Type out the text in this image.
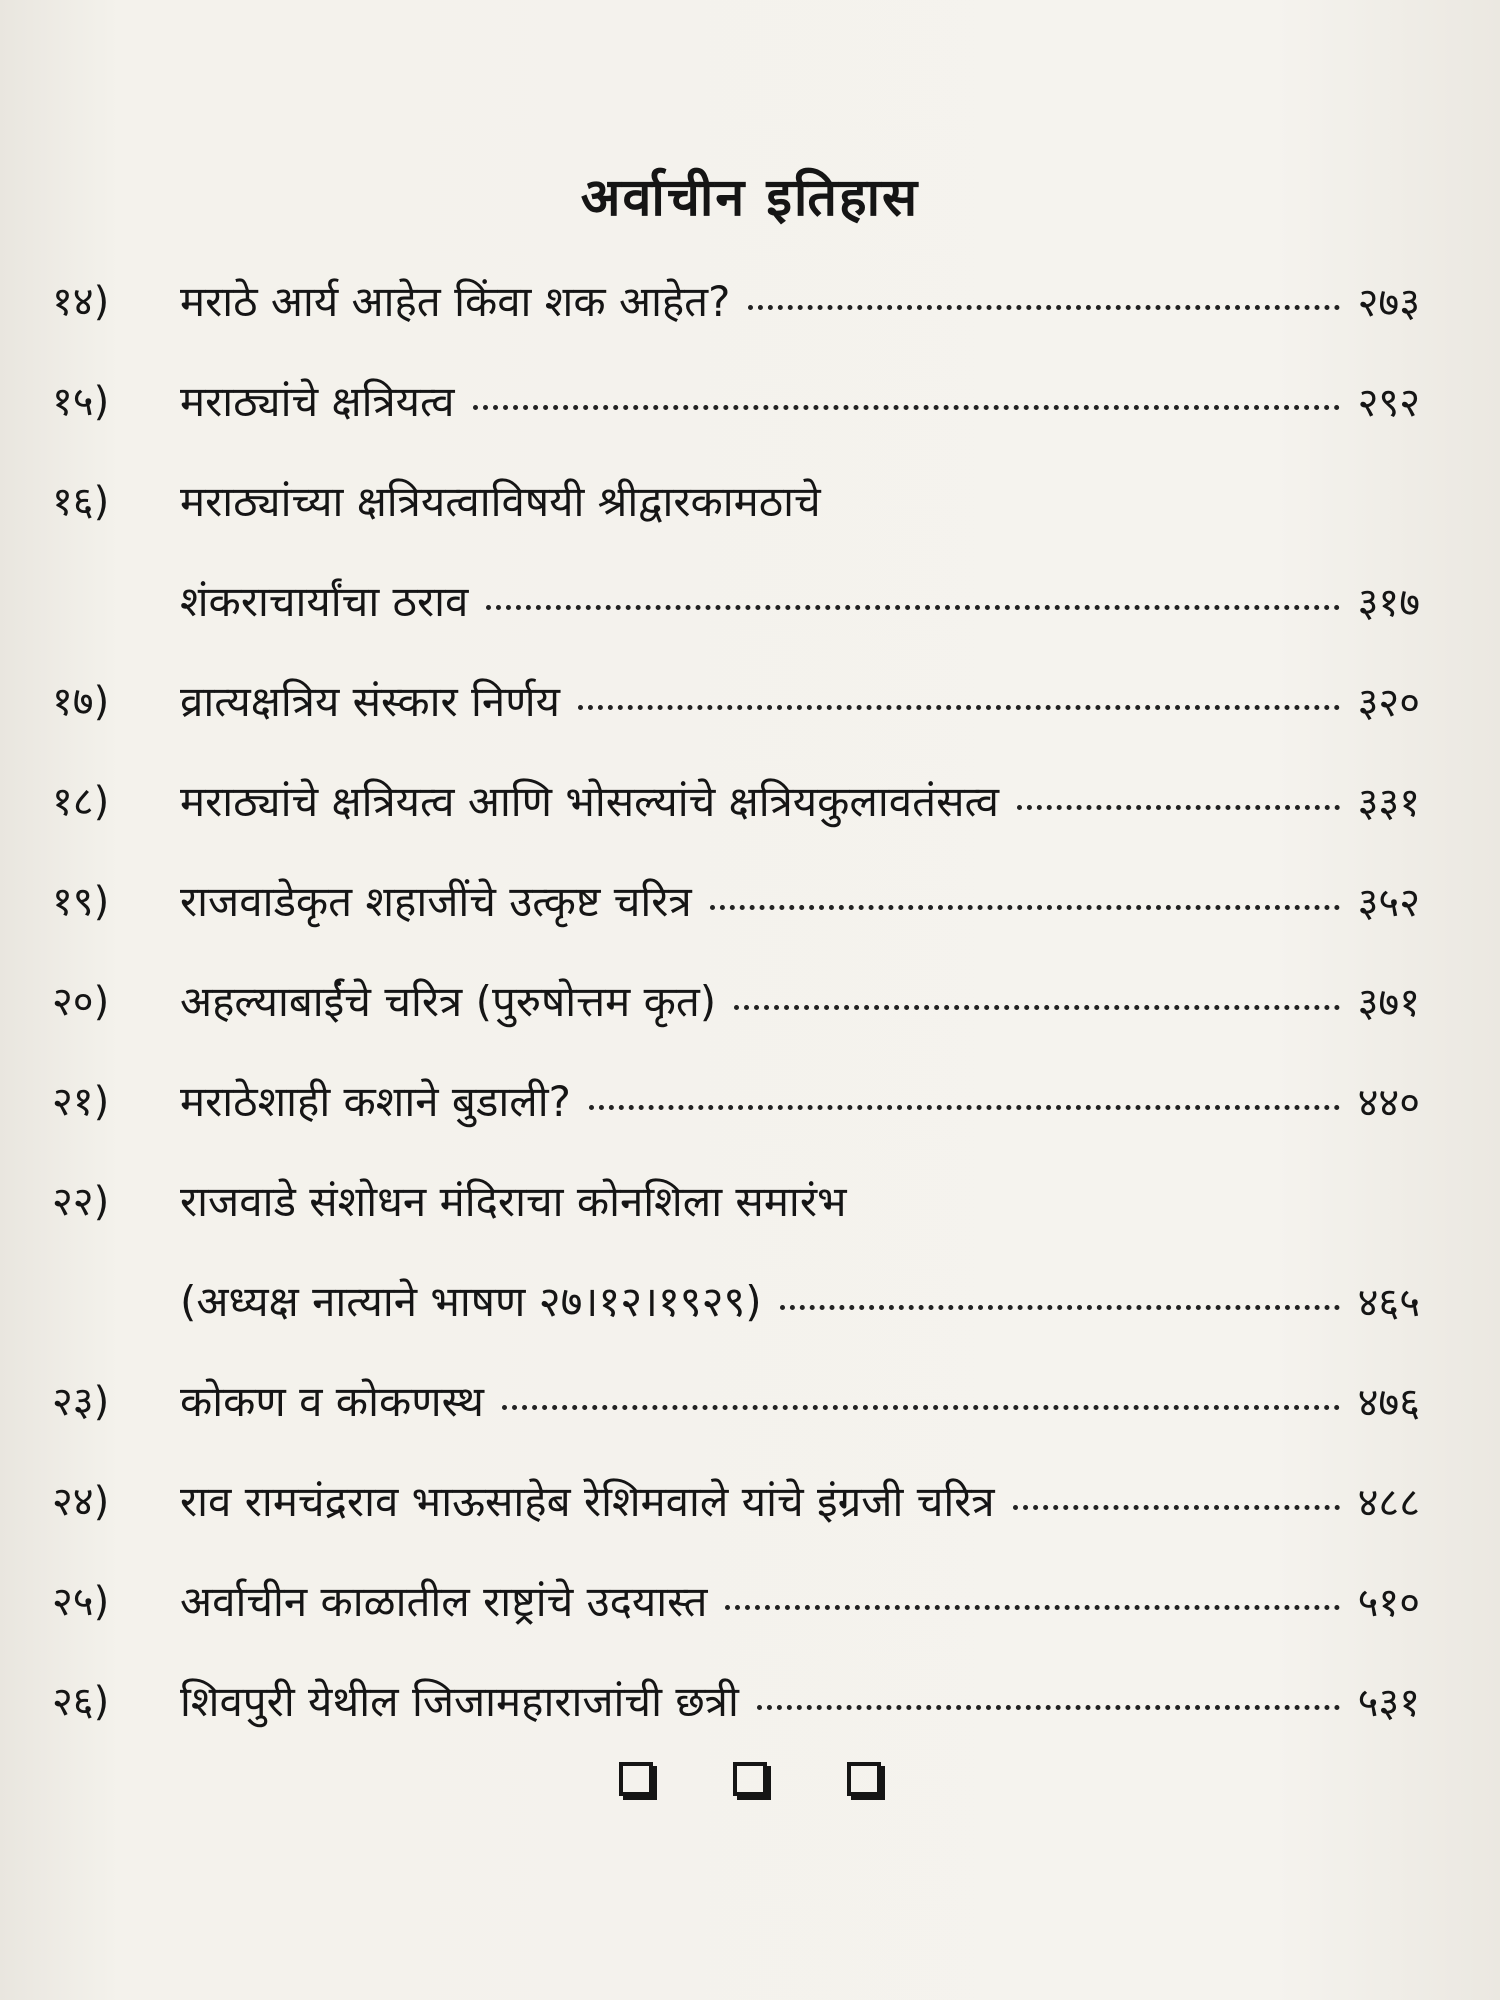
अर्वाचीन इतिहास
१४) मराठे आर्य आहेत किंवा शक आहेत?	२७३
१५) मराठ्यांचे क्षत्रियत्व	२९२
१६) मराठ्यांच्या क्षत्रियत्वाविषयी श्रीद्वारकामठाचे
शंकराचार्यांचा ठराव	३१७
१७) व्रात्यक्षत्रिय संस्कार निर्णय	३२०
१८) मराठ्यांचे क्षत्रियत्व आणि भोसल्यांचे क्षत्रियकुलावतंसत्व	३३१
१९) राजवाडेकृत शहाजींचे उत्कृष्ट चरित्र	३५२
२०) अहल्याबाईंचे चरित्र (पुरुषोत्तम कृत)	३७१
२१) मराठेशाही कशाने बुडाली?	४४०
२२) राजवाडे संशोधन मंदिराचा कोनशिला समारंभ
(अध्यक्ष नात्याने भाषण २७।१२।१९२९)	४६५
२३) कोकण व कोकणस्थ	४७६
२४) राव रामचंद्रराव भाऊसाहेब रेशिमवाले यांचे इंग्रजी चरित्र	४८८
२५) अर्वाचीन काळातील राष्ट्रांचे उदयास्त	५१०
२६) शिवपुरी येथील जिजामहाराजांची छत्री	५३१
